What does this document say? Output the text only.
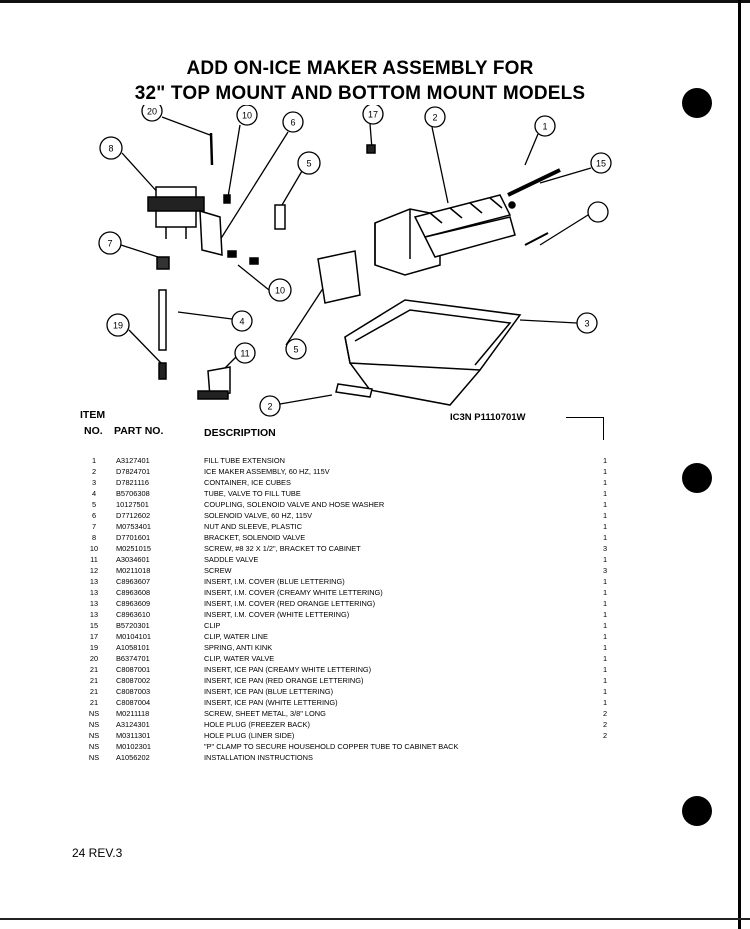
ADD ON-ICE MAKER ASSEMBLY FOR
32" TOP MOUNT AND BOTTOM MOUNT MODELS
20	10
6
17	2
1
8
5	15
7
3
10
4
19
5
11
2
IC3N P1110701W
ITEM
NO. PART NO.	DESCRIPTION
1	A3127401	FILL TUBE EXTENSION	1
2	D7824701	ICE MAKER ASSEMBLY, 60 HZ, 115V	1
3	D7821116	CONTAINER, ICE CUBES	1
4	B5706308	TUBE, VALVE TO FILL TUBE	1
5	10127501	COUPLING, SOLENOID VALVE AND HOSE WASHER	1
6	D7712602	SOLENOID VALVE, 60 HZ, 115V	1
7	M0753401	NUT AND SLEEVE, PLASTIC	1
8	D7701601	BRACKET, SOLENOID VALVE	1
10	M0251015	SCREW, #8 32 X 1/2", BRACKET TO CABINET	3
11	A3034601	SADDLE VALVE	1
12	M0211018	SCREW	3
13	C8963607	INSERT, I.M. COVER (BLUE LETTERING)	1
13	C8963608	INSERT, I.M. COVER (CREAMY WHITE LETTERING)	1
13	C8963609	INSERT, I.M. COVER (RED ORANGE LETTERING)	1
13	C8963610	INSERT, I.M. COVER (WHITE LETTERING)	1
15	B5720301	CLIP	1
17	M0104101	CLIP, WATER LINE	1
19	A1058101	SPRING, ANTI KINK	1
20	B6374701	CLIP, WATER VALVE	1
21	C8087001	INSERT, ICE PAN (CREAMY WHITE LETTERING)	1
21	C8087002	INSERT, ICE PAN (RED ORANGE LETTERING)	1
21	C8087003	INSERT, ICE PAN (BLUE LETTERING)	1
21	C8087004	INSERT, ICE PAN (WHITE LETTERING)	1
NS	M0211118	SCREW, SHEET METAL, 3/8" LONG	2
NS	A3124301	HOLE PLUG (FREEZER BACK)	2
NS	M0311301	HOLE PLUG (LINER SIDE)	2
NS	M0102301	"P" CLAMP TO SECURE HOUSEHOLD COPPER TUBE TO CABINET BACK
NS	A1056202	INSTALLATION INSTRUCTIONS
24 REV.3
